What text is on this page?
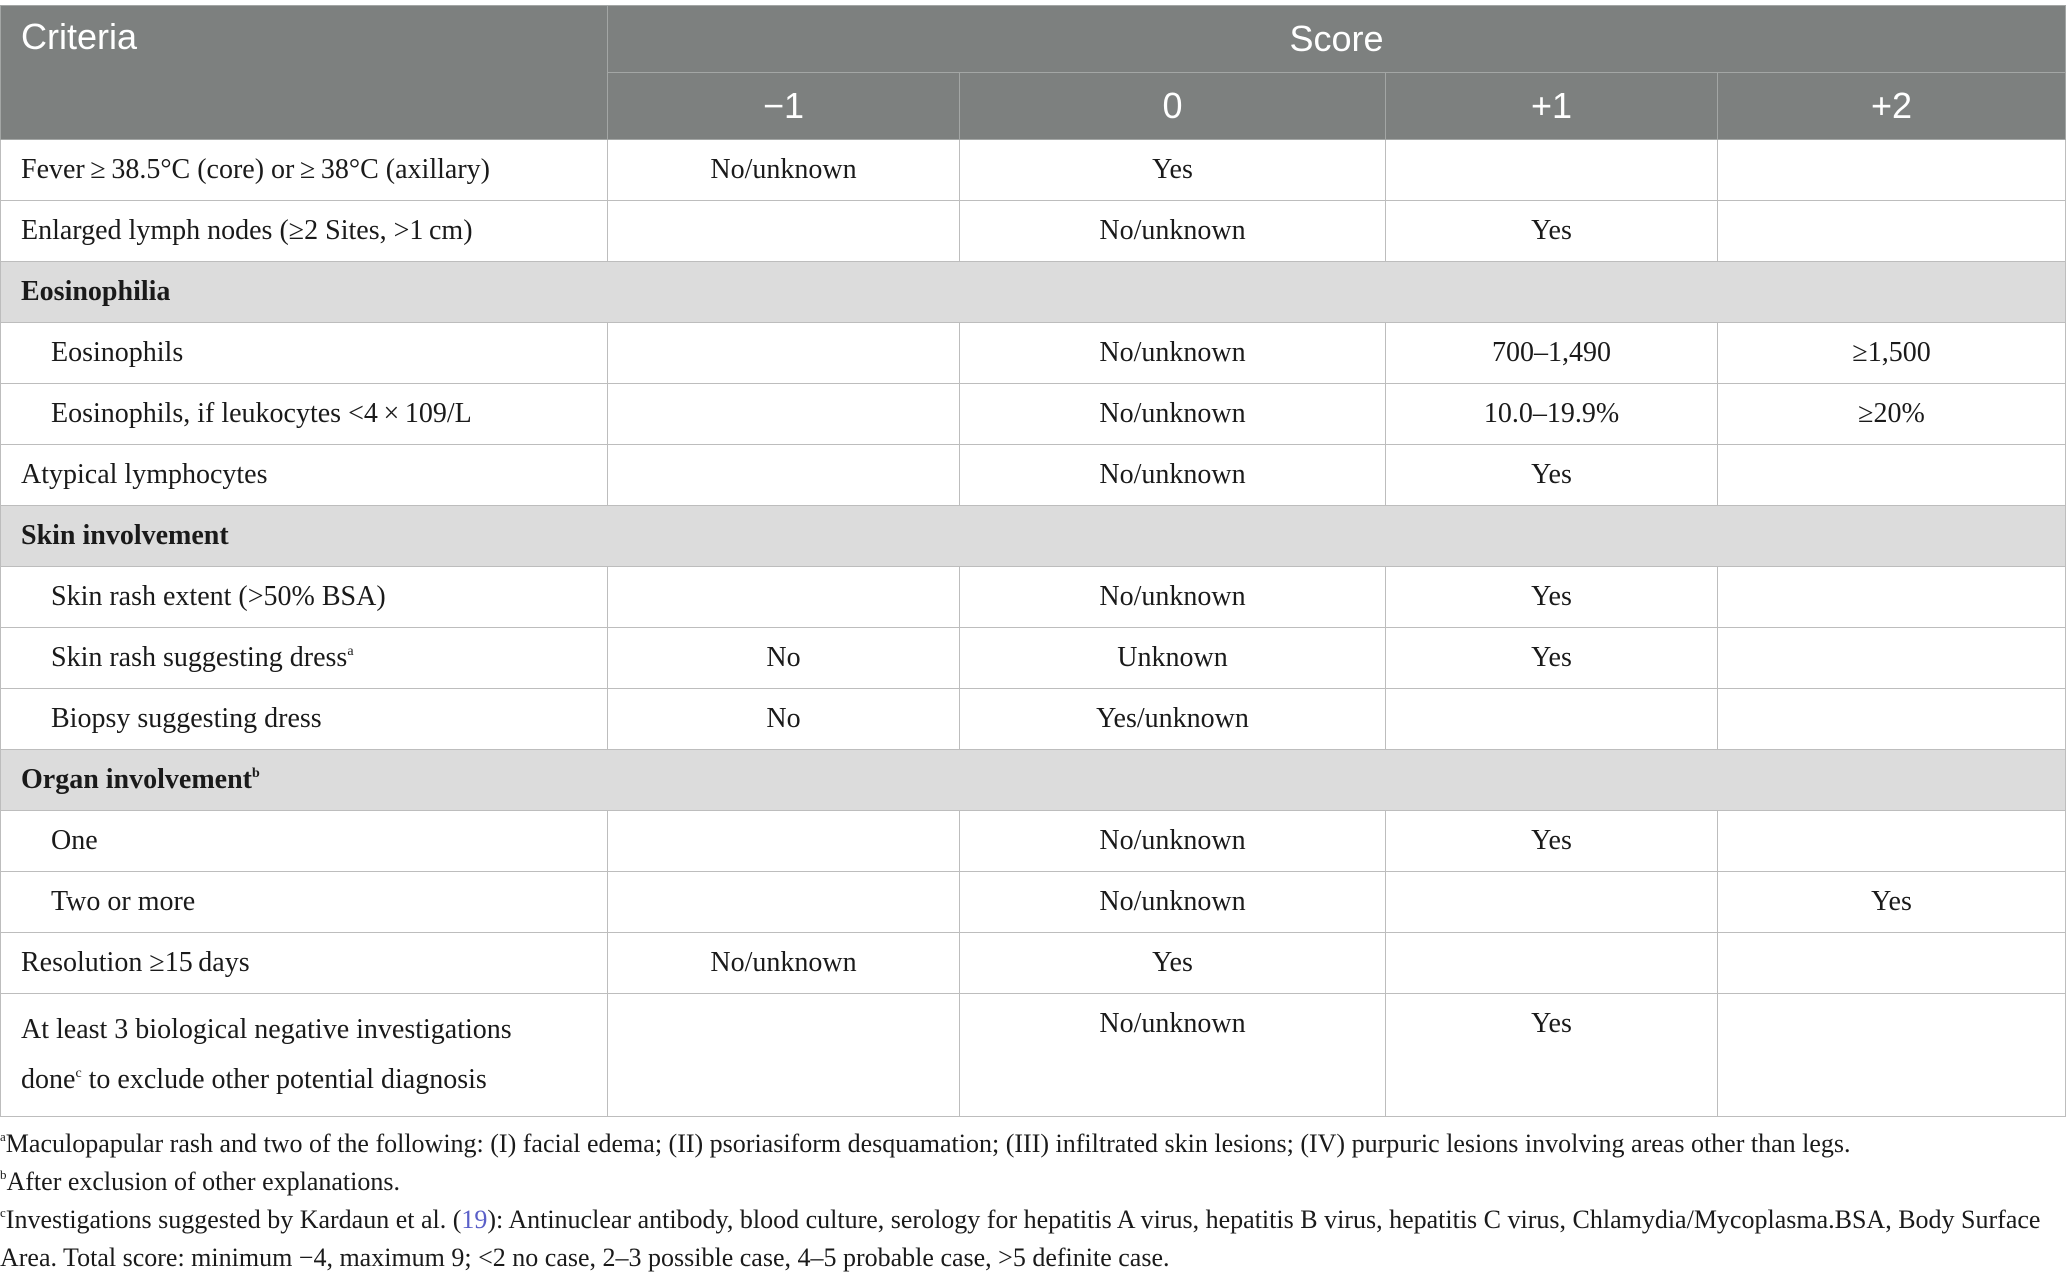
Criteria	Score			
	−1	0	+1	+2
Fever ≥ 38.5°C (core) or ≥ 38°C (axillary)	No/unknown	Yes		
Enlarged lymph nodes (≥2 Sites, >1 cm)		No/unknown	Yes	
Eosinophilia				
Eosinophils		No/unknown	700–1,490	≥1,500
Eosinophils, if leukocytes <4 × 109/L		No/unknown	10.0–19.9%	≥20%
Atypical lymphocytes		No/unknown	Yes	
Skin involvement				
Skin rash extent (>50% BSA)		No/unknown	Yes	
Skin rash suggesting dress$^a$	No	Unknown	Yes	
Biopsy suggesting dress	No	Yes/unknown		
Organ involvement$^b$
One		No/unknown	Yes	
Two or more		No/unknown		Yes
Resolution ≥15 days	No/unknown	Yes		
At least 3 biological negative investigations
done$^c$ to exclude other potential diagnosis		No/unknown	Yes	

$^a$Maculopapular rash and two of the following: (I) facial edema; (II) psoriasiform desquamation; (III) infiltrated skin lesions; (IV) purpuric lesions involving areas other than legs.

$^b$After exclusion of other explanations.

$^c$Investigations suggested by Kardaun et al. (19): Antinuclear antibody, blood culture, serology for hepatitis A virus, hepatitis B virus, hepatitis C virus, Chlamydia/Mycoplasma.BSA, Body Surface Area. Total score: minimum −4, maximum 9; <2 no case, 2–3 possible case, 4–5 probable case, >5 definite case.
